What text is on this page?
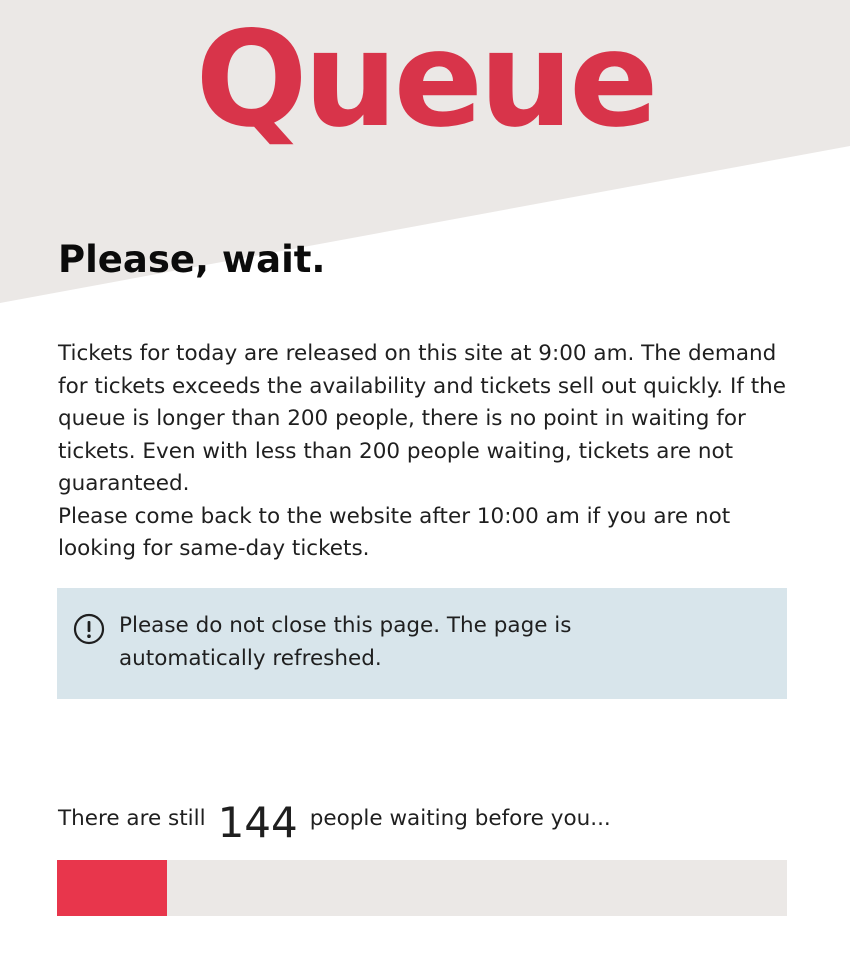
Queue
Please, wait.

Tickets for today are released on this site at 9:00 am. The demand for tickets exceeds the availability and tickets sell out quickly. If the queue is longer than 200 people, there is no point in waiting for tickets. Even with less than 200 people waiting, tickets are not guaranteed.

Please come back to the website after 10:00 am if you are not looking for same-day tickets.

Please do not close this page. The page is automatically refreshed.
There are still 144 people waiting before you...
